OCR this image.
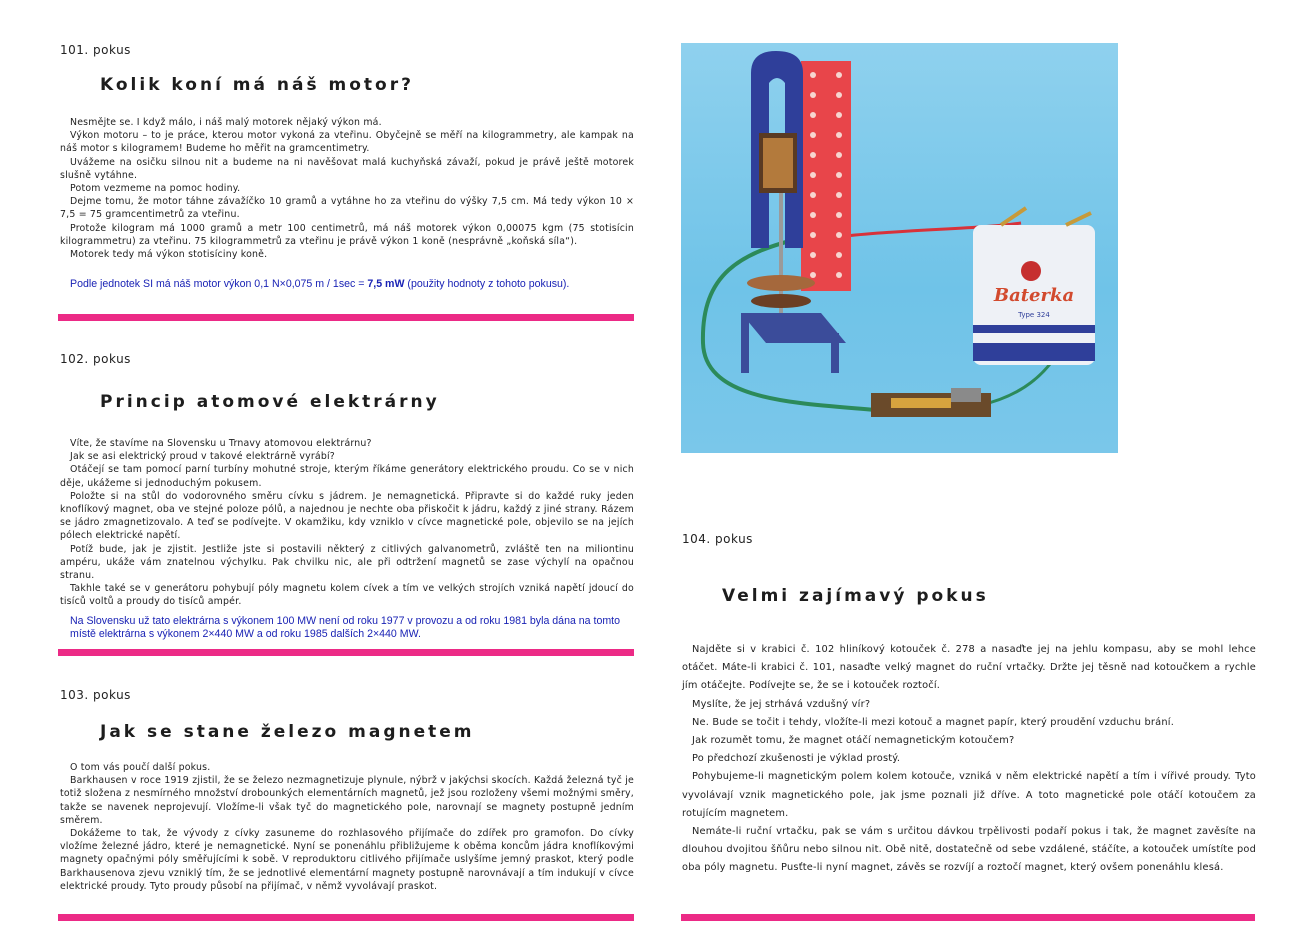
101. pokus
Kolik koní má náš motor?

Nesmějte se. I když málo, i náš malý motorek nějaký výkon má.

Výkon motoru – to je práce, kterou motor vykoná za vteřinu. Obyčejně se měří na kilogrammetry, ale kampak na náš motor s kilogramem! Budeme ho měřit na gramcentimetry.

Uvážeme na osičku silnou nit a budeme na ni navěšovat malá kuchyňská závaží, pokud je právě ještě motorek slušně vytáhne.

Potom vezmeme na pomoc hodiny.

Dejme tomu, že motor táhne závažíčko 10 gramů a vytáhne ho za vteřinu do výšky 7,5 cm. Má tedy výkon 10 × 7,5 = 75 gramcentimetrů za vteřinu.

Protože kilogram má 1000 gramů a metr 100 centimetrů, má náš motorek výkon 0,00075 kgm (75 stotisícin kilogrammetru) za vteřinu. 75 kilogrammetrů za vteřinu je právě výkon 1 koně (nesprávně „koňská síla“).

Motorek tedy má výkon stotisíciny koně.

Podle jednotek SI má náš motor výkon 0,1 N×0,075 m / 1sec = 7,5 mW (použity hodnoty z tohoto pokusu).
102. pokus
Princip atomové elektrárny

Víte, že stavíme na Slovensku u Trnavy atomovou elektrárnu?

Jak se asi elektrický proud v takové elektrárně vyrábí?

Otáčejí se tam pomocí parní turbíny mohutné stroje, kterým říkáme generátory elektrického proudu. Co se v nich děje, ukážeme si jednoduchým pokusem.

Položte si na stůl do vodorovného směru cívku s jádrem. Je nemagnetická. Připravte si do každé ruky jeden knoflíkový magnet, oba ve stejné poloze pólů, a najednou je nechte oba přiskočit k jádru, každý z jiné strany. Rázem se jádro zmagnetizovalo. A teď se podívejte. V okamžiku, kdy vzniklo v cívce magnetické pole, objevilo se na jejích pólech elektrické napětí.

Potíž bude, jak je zjistit. Jestliže jste si postavili některý z citlivých galvanometrů, zvláště ten na miliontinu ampéru, ukáže vám znatelnou výchylku. Pak chvilku nic, ale při odtržení magnetů se zase výchylí na opačnou stranu.

Takhle také se v generátoru pohybují póly magnetu kolem cívek a tím ve velkých strojích vzniká napětí jdoucí do tisíců voltů a proudy do tisíců ampér.

Na Slovensku už tato elektrárna s výkonem 100 MW není od roku 1977 v provozu a od roku 1981 byla dána na tomto místě elektrárna s výkonem 2×440 MW a od roku 1985 dalších 2×440 MW.
103. pokus
Jak se stane železo magnetem

O tom vás poučí další pokus.

Barkhausen v roce 1919 zjistil, že se železo nezmagnetizuje plynule, nýbrž v jakýchsi skocích. Každá železná tyč je totiž složena z nesmírného množství drobounkých elementárních magnetů, jež jsou rozloženy všemi možnými směry, takže se navenek neprojevují. Vložíme-li však tyč do magnetického pole, narovnají se magnety postupně jedním směrem.

Dokážeme to tak, že vývody z cívky zasuneme do rozhlasového přijímače do zdířek pro gramofon. Do cívky vložíme železné jádro, které je nemagnetické. Nyní se ponenáhlu přibližujeme k oběma koncům jádra knoflíkovými magnety opačnými póly směřujícími k sobě. V reproduktoru citlivého přijímače uslyšíme jemný praskot, který podle Barkhausenova zjevu vzniklý tím, že se jednotlivé elementární magnety postupně narovnávají a tím indukují v cívce elektrické proudy. Tyto proudy působí na přijímač, v němž vyvolávají praskot.

Baterka
Type 324
104. pokus
Velmi zajímavý pokus

Najděte si v krabici č. 102 hliníkový kotouček č. 278 a nasaďte jej na jehlu kompasu, aby se mohl lehce otáčet. Máte-li krabici č. 101, nasaďte velký magnet do ruční vrtačky. Držte jej těsně nad kotoučkem a rychle jím otáčejte. Podívejte se, že se i kotouček roztočí.

Myslíte, že jej strhává vzdušný vír?

Ne. Bude se točit i tehdy, vložíte-li mezi kotouč a magnet papír, který proudění vzduchu brání.

Jak rozumět tomu, že magnet otáčí nemagnetickým kotoučem?

Po předchozí zkušenosti je výklad prostý.

Pohybujeme-li magnetickým polem kolem kotouče, vzniká v něm elektrické napětí a tím i vířivé proudy. Tyto vyvolávají vznik magnetického pole, jak jsme poznali již dříve. A toto magnetické pole otáčí kotoučem za rotujícím magnetem.

Nemáte-li ruční vrtačku, pak se vám s určitou dávkou trpělivosti podaří pokus i tak, že magnet zavěsíte na dlouhou dvojitou šňůru nebo silnou nit. Obě nitě, dostatečně od sebe vzdálené, stáčíte, a kotouček umístíte pod oba póly magnetu. Pusťte-li nyní magnet, závěs se rozvíjí a roztočí magnet, který ovšem ponenáhlu klesá.
